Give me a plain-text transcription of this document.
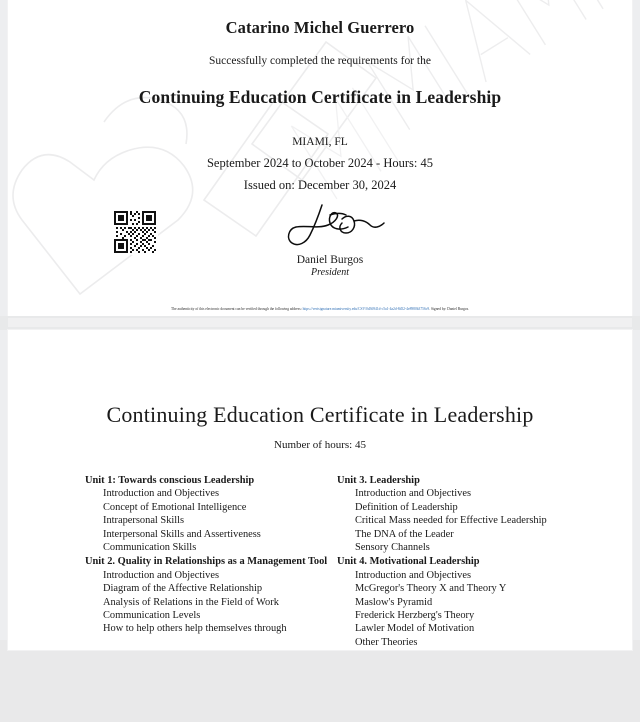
Catarino Michel Guerrero
Successfully completed the requirements for the
Continuing Education Certificate in Leadership
MIAMI, FL
September 2024 to October 2024 - Hours: 45
Issued on: December 30, 2024
Daniel Burgos
President
The authenticity of this electronic document can be verified through the following address: https://verisignature.miamiversity.edu/CSV/0d36941d-c5a1-4a2d-8d52-4e8980b3756c9. Signed by: Daniel Burgos.
Continuing Education Certificate in Leadership
Number of hours: 45
Unit 1: Towards conscious Leadership
Introduction and Objectives
Concept of Emotional Intelligence
Intrapersonal Skills
Interpersonal Skills and Assertiveness
Communication Skills
Unit 2. Quality in Relationships as a Management Tool
Introduction and Objectives
Diagram of the Affective Relationship
Analysis of Relations in the Field of Work
Communication Levels
How to help others help themselves through
Unit 3. Leadership
Introduction and Objectives
Definition of Leadership
Critical Mass needed for Effective Leadership
The DNA of the Leader
Sensory Channels
Unit 4. Motivational Leadership
Introduction and Objectives
McGregor's Theory X and Theory Y
Maslow's Pyramid
Frederick Herzberg's Theory
Lawler Model of Motivation
Other Theories
